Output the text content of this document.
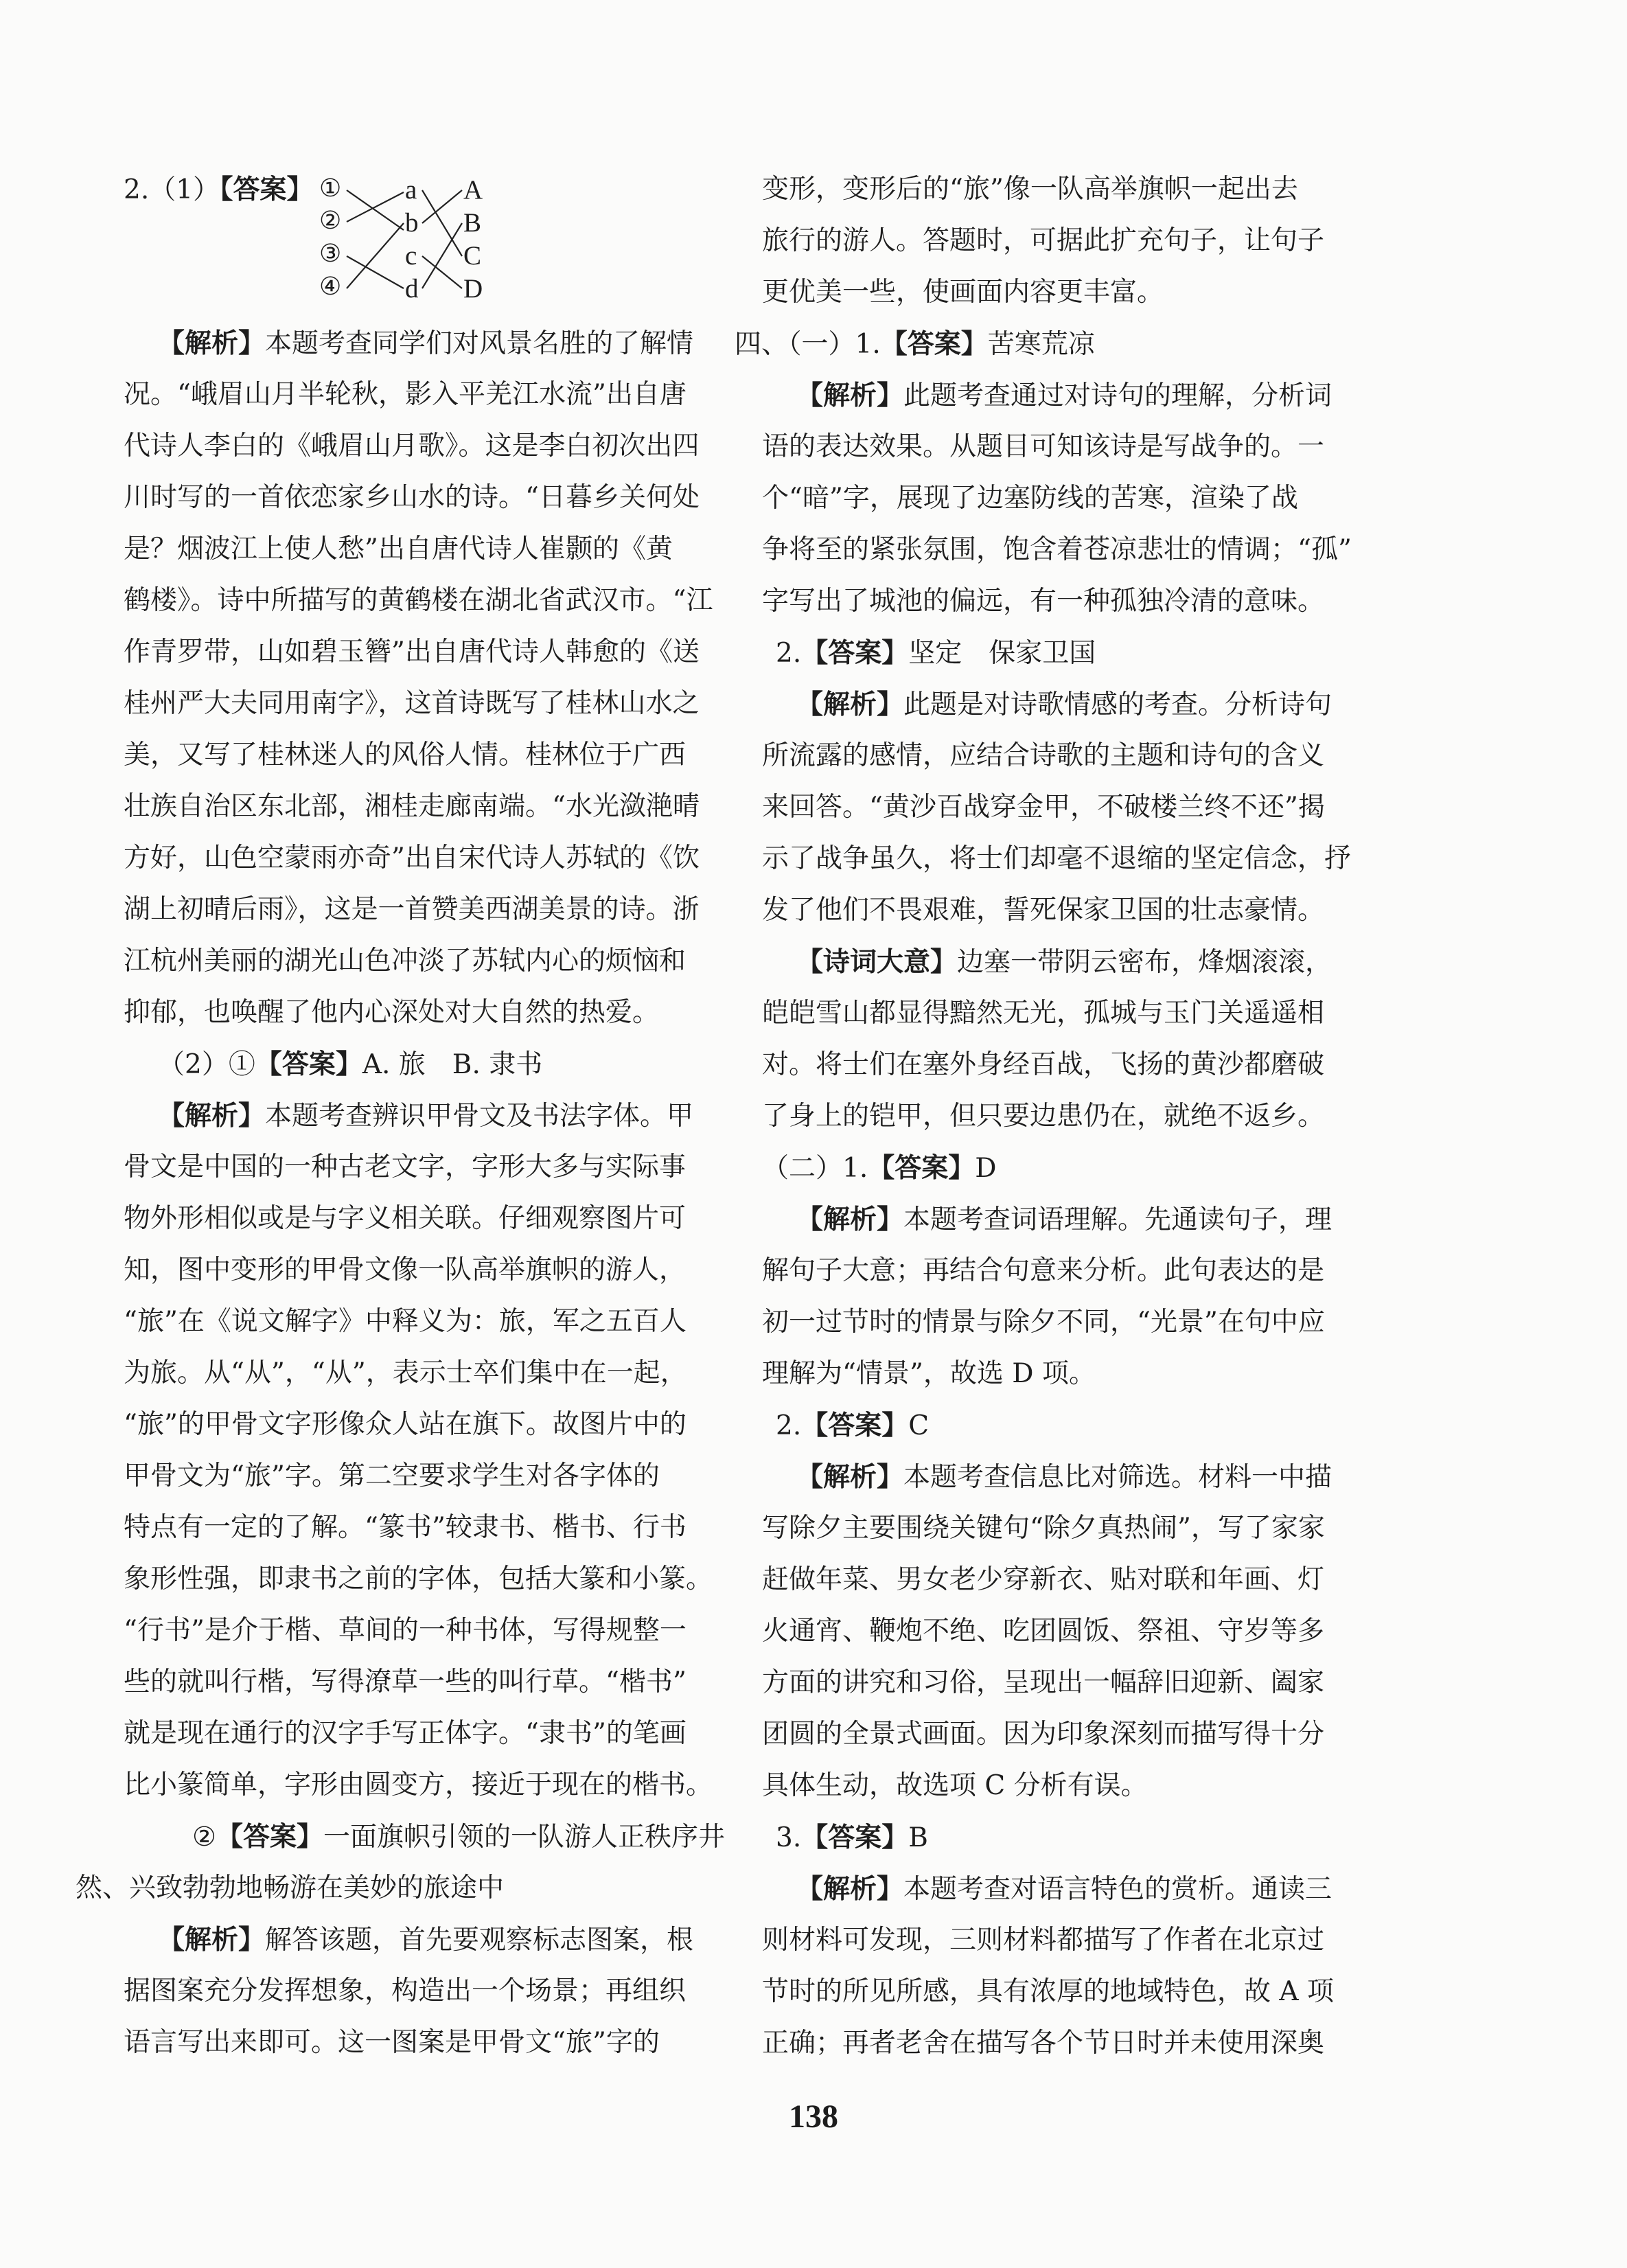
2.（1）【答案】 ①
②
③
④
a
b
c
d
A
B
C
D
【解析】本题考查同学们对风景名胜的了解情
况。“峨眉山月半轮秋，影入平羌江水流”出自唐
代诗人李白的《峨眉山月歌》。这是李白初次出四
川时写的一首依恋家乡山水的诗。“日暮乡关何处
是？烟波江上使人愁”出自唐代诗人崔颢的《黄
鹤楼》。诗中所描写的黄鹤楼在湖北省武汉市。“江
作青罗带，山如碧玉簪”出自唐代诗人韩愈的《送
桂州严大夫同用南字》，这首诗既写了桂林山水之
美，又写了桂林迷人的风俗人情。桂林位于广西
壮族自治区东北部，湘桂走廊南端。“水光潋滟晴
方好，山色空蒙雨亦奇”出自宋代诗人苏轼的《饮
湖上初晴后雨》，这是一首赞美西湖美景的诗。浙
江杭州美丽的湖光山色冲淡了苏轼内心的烦恼和
抑郁，也唤醒了他内心深处对大自然的热爱。
（2）①【答案】A. 旅　B. 隶书
【解析】本题考查辨识甲骨文及书法字体。甲
骨文是中国的一种古老文字，字形大多与实际事
物外形相似或是与字义相关联。仔细观察图片可
知，图中变形的甲骨文像一队高举旗帜的游人，
“旅”在《说文解字》中释义为：旅，军之五百人
为旅。从“从”，“从”，表示士卒们集中在一起，
“旅”的甲骨文字形像众人站在旗下。故图片中的
甲骨文为“旅”字。第二空要求学生对各字体的
特点有一定的了解。“篆书”较隶书、楷书、行书
象形性强，即隶书之前的字体，包括大篆和小篆。
“行书”是介于楷、草间的一种书体，写得规整一
些的就叫行楷，写得潦草一些的叫行草。“楷书”
就是现在通行的汉字手写正体字。“隶书”的笔画
比小篆简单，字形由圆变方，接近于现在的楷书。
②【答案】一面旗帜引领的一队游人正秩序井
然、兴致勃勃地畅游在美妙的旅途中
【解析】解答该题，首先要观察标志图案，根
据图案充分发挥想象，构造出一个场景；再组织
语言写出来即可。这一图案是甲骨文“旅”字的
变形，变形后的“旅”像一队高举旗帜一起出去
旅行的游人。答题时，可据此扩充句子，让句子
更优美一些，使画面内容更丰富。
四、（一）1.【答案】苦寒荒凉
【解析】此题考查通过对诗句的理解，分析词
语的表达效果。从题目可知该诗是写战争的。一
个“暗”字，展现了边塞防线的苦寒，渲染了战
争将至的紧张氛围，饱含着苍凉悲壮的情调；“孤”
字写出了城池的偏远，有一种孤独冷清的意味。
2.【答案】坚定　保家卫国
【解析】此题是对诗歌情感的考查。分析诗句
所流露的感情，应结合诗歌的主题和诗句的含义
来回答。“黄沙百战穿金甲，不破楼兰终不还”揭
示了战争虽久，将士们却毫不退缩的坚定信念，抒
发了他们不畏艰难，誓死保家卫国的壮志豪情。
【诗词大意】边塞一带阴云密布，烽烟滚滚，
皑皑雪山都显得黯然无光，孤城与玉门关遥遥相
对。将士们在塞外身经百战，飞扬的黄沙都磨破
了身上的铠甲，但只要边患仍在，就绝不返乡。
（二）1.【答案】D
【解析】本题考查词语理解。先通读句子，理
解句子大意；再结合句意来分析。此句表达的是
初一过节时的情景与除夕不同，“光景”在句中应
理解为“情景”，故选 D 项。
2.【答案】C
【解析】本题考查信息比对筛选。材料一中描
写除夕主要围绕关键句“除夕真热闹”，写了家家
赶做年菜、男女老少穿新衣、贴对联和年画、灯
火通宵、鞭炮不绝、吃团圆饭、祭祖、守岁等多
方面的讲究和习俗，呈现出一幅辞旧迎新、阖家
团圆的全景式画面。因为印象深刻而描写得十分
具体生动，故选项 C 分析有误。
3.【答案】B
【解析】本题考查对语言特色的赏析。通读三
则材料可发现，三则材料都描写了作者在北京过
节时的所见所感，具有浓厚的地域特色，故 A 项
正确；再者老舍在描写各个节日时并未使用深奥
138
